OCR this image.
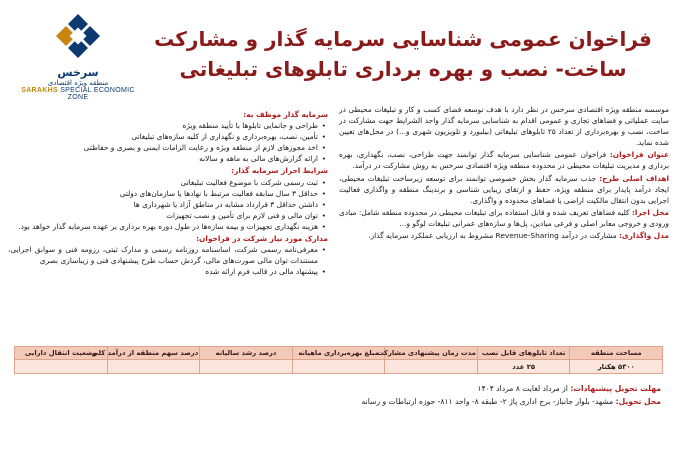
سرخس
منطقه ویژه اقتصادی
SARAKHS SPECIAL ECONOMIC ZONE
فراخوان عمومی شناسایی سرمایه گذار و مشارکت
ساخت- نصب و بهره برداری تابلوهای تبلیغاتی
موسسه منطقه ویژه اقتصادی سرخس در نظر دارد با هدف توسعه فضای کسب و کار و تبلیغات محیطی در سایت عملیاتی و فضاهای تجاری و عمومی اقدام به شناسایی سرمایه گذار واجد الشرایط جهت مشارکت در ساخت، نصب و بهره‌برداری از تعداد ۲۵ تابلوهای تبلیغاتی (بیلبورد و تلویزیون شهری و...) در محل‌های تعیین شده نماید.
عنوان فراخوان: فراخوان عمومی شناسایی سرمایه گذار توانمند جهت طراحی، نصب، نگهداری، بهره برداری و مدیریت تبلیغات محیطی در محدوده منطقه ویژه اقتصادی سرخس به روش مشارکت در درآمد.
اهداف اصلی طرح: جذب سرمایه گذار بخش خصوصی توانمند برای توسعه زیرساخت تبلیغات محیطی، ایجاد درآمد پایدار برای منطقه ویژه، حفظ و ارتقای زیبایی شناسی و برندینگ منطقه و واگذاری فعالیت اجرایی بدون انتقال مالکیت اراضی یا فضاهای محدوده و واگذاری.
محل اجرا: کلیه فضاهای تعریف شده و قابل استفاده برای تبلیغات محیطی در محدوده منطقه شامل: مبادی ورودی و خروجی معابر اصلی و فرعی میادین، پل‌ها و سازه‌های عمرانی تبلیغات لوگو و...
مدل واگذاری: مشارکت در درآمد Revenue-Sharing مشروط به ارزیابی عملکرد سرمایه گذار.
سرمایه گذار موظف به:
• طراحی و جانمایی تابلوها با تأیید منطقه ویژه
• تأمین، نصب، بهره‌برداری و نگهداری از کلیه سازه‌های تبلیغاتی
• اخذ مجوزهای لازم از منطقه ویژه و رعایت الزامات ایمنی و بصری و حفاظتی
• ارائه گزارش‌های مالی به ماهه و سالانه
شرایط احراز سرمایه گذار:
• ثبت رسمی شرکت با موضوع فعالیت تبلیغاتی
• حداقل ۳ سال سابقه فعالیت مرتبط با نهادها یا سازمان‌های دولتی
• داشتن حداقل ۳ قرارداد مشابه در مناطق آزاد یا شهرداری ها
• توان مالی و فنی لازم برای تأمین و نصب تجهیزات
• هزینه نگهداری تجهیزات و بیمه سازه‌ها در طول دوره بهره برداری بر عهده سرمایه گذار خواهد بود.
مدارک مورد نیاز شرکت در فراخوان:
• معرفی‌نامه رسمی شرکت، اساسنامه روزنامه رسمی و مدارک ثبتی، رزومه فنی و سوابق اجرایی، مستندات توان مالی صورت‌های مالی، گردش حساب طرح پیشنهادی فنی و زیباسازی بصری
• پیشنهاد مالی در قالب فرم ارائه شده
مساحت منطقه	تعداد تابلوهای قابل نصب	مدت زمان پیشنهادی مشارکت	مبلغ بهره‌برداری ماهیانه	درصد رشد سالیانه	درصد سهم منطقه از درآمد کلی	وضعیت انتقال دارایی
۵۳۰۰ هکتار	۲۵ عدد					
مهلت تحویل پیشنهادات: از مرداد لغایت ۸ مرداد ۱۴۰۴
محل تحویل: مشهد- بلوار جانباز- برج اداری پاژ ۲- طبقه ۸- واحد ۸۱۱- حوزه ارتباطات و رسانه
